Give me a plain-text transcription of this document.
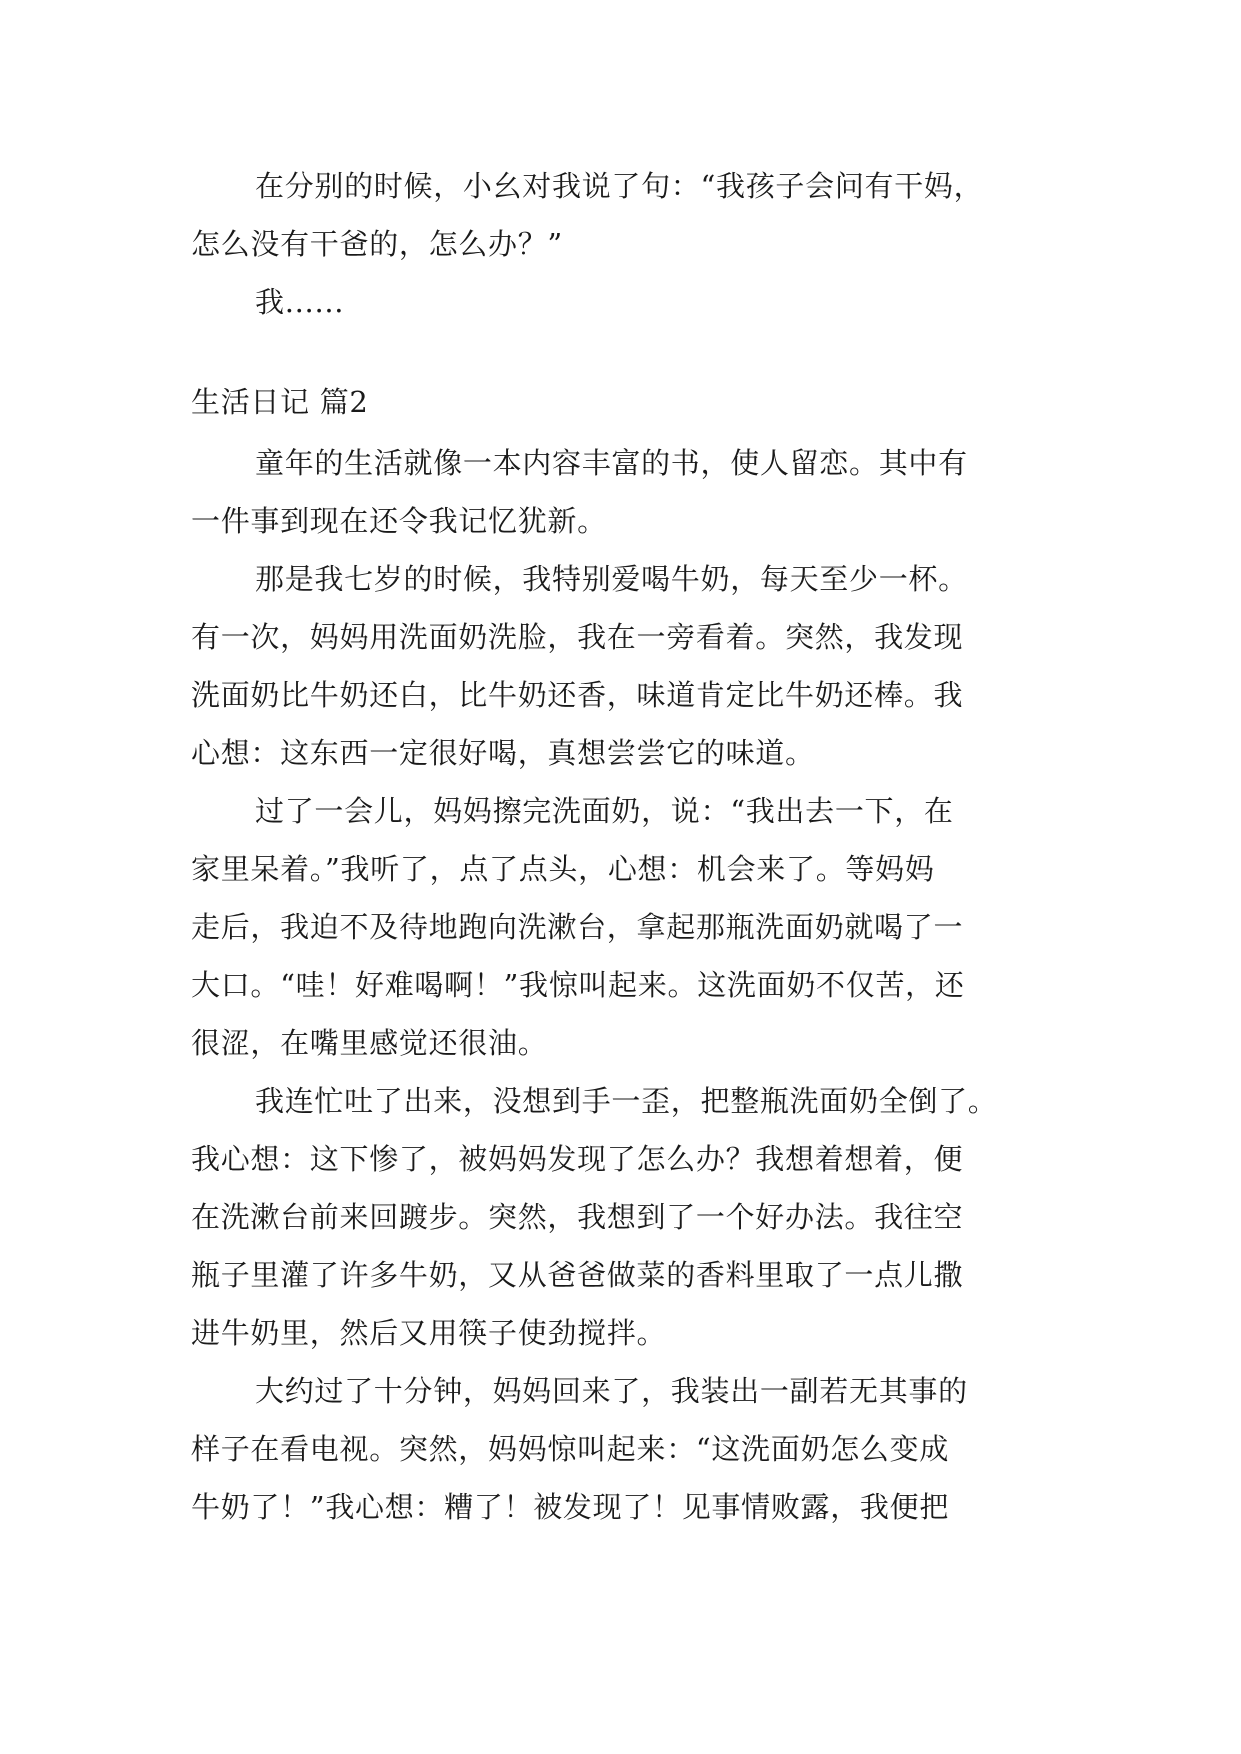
在分别的时候，小幺对我说了句：“我孩子会问有干妈，
怎么没有干爸的，怎么办？”
我......
生活日记 篇2
童年的生活就像一本内容丰富的书，使人留恋。其中有
一件事到现在还令我记忆犹新。
那是我七岁的时候，我特别爱喝牛奶，每天至少一杯。
有一次，妈妈用洗面奶洗脸，我在一旁看着。突然，我发现
洗面奶比牛奶还白，比牛奶还香，味道肯定比牛奶还棒。我
心想：这东西一定很好喝，真想尝尝它的味道。
过了一会儿，妈妈擦完洗面奶，说：“我出去一下，在
家里呆着。”我听了，点了点头，心想：机会来了。等妈妈
走后，我迫不及待地跑向洗漱台，拿起那瓶洗面奶就喝了一
大口。“哇！好难喝啊！”我惊叫起来。这洗面奶不仅苦，还
很涩，在嘴里感觉还很油。
我连忙吐了出来，没想到手一歪，把整瓶洗面奶全倒了。
我心想：这下惨了，被妈妈发现了怎么办？我想着想着，便
在洗漱台前来回踱步。突然，我想到了一个好办法。我往空
瓶子里灌了许多牛奶，又从爸爸做菜的香料里取了一点儿撒
进牛奶里，然后又用筷子使劲搅拌。
大约过了十分钟，妈妈回来了，我装出一副若无其事的
样子在看电视。突然，妈妈惊叫起来：“这洗面奶怎么变成
牛奶了！”我心想：糟了！被发现了！见事情败露，我便把
